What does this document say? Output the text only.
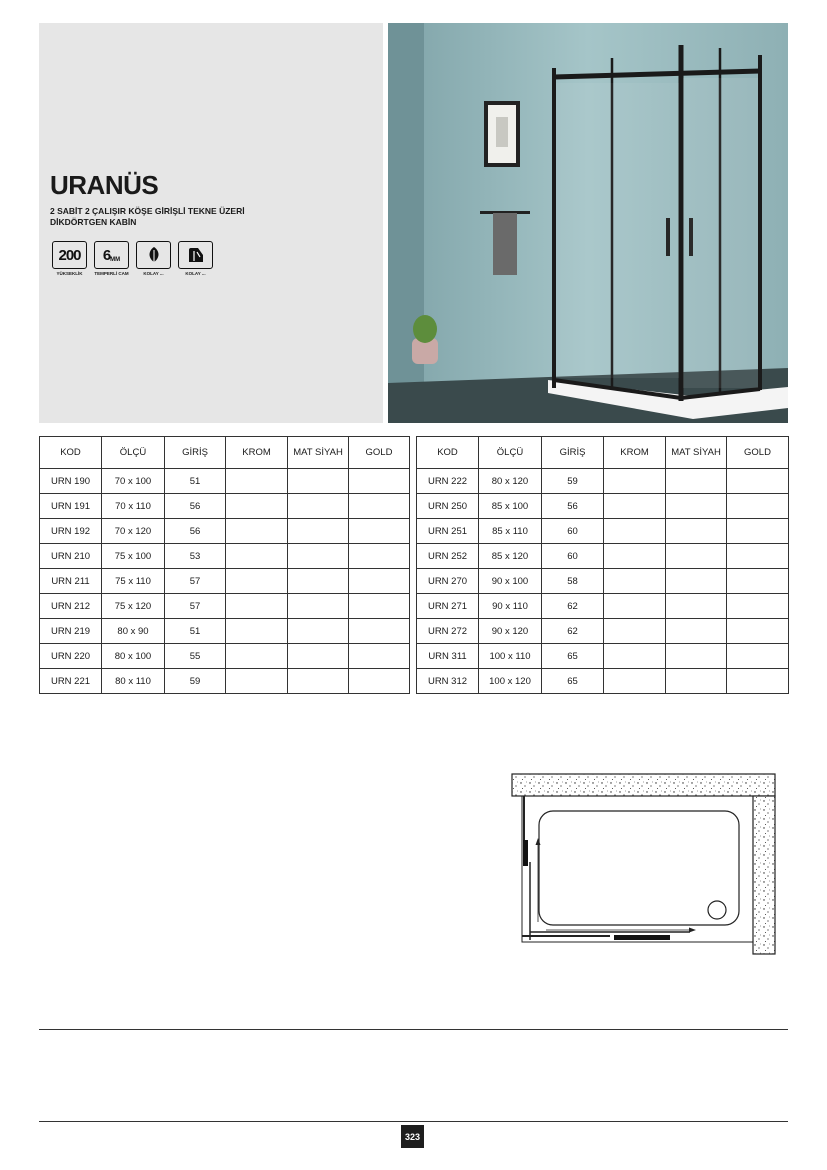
URANÜS
2 SABİT 2 ÇALIŞIR KÖŞE GİRİŞLİ TEKNE ÜZERİ DİKDÖRTGEN KABİN
200
YÜKSEKLİK
6 MM
TEMPERLİ CAM	KOLAY ...	KOLAY ...
KOD	ÖLÇÜ	GİRİŞ	KROM	MAT SİYAH	GOLD
URN 190	70 x 100	51			
URN 191	70 x 110	56			
URN 192	70 x 120	56			
URN 210	75 x 100	53			
URN 211	75 x 110	57			
URN 212	75 x 120	57			
URN 219	80 x 90	51			
URN 220	80 x 100	55			
URN 221	80 x 110	59			
KOD	ÖLÇÜ	GİRİŞ	KROM	MAT SİYAH	GOLD
URN 222	80 x 120	59			
URN 250	85 x 100	56			
URN 251	85 x 110	60			
URN 252	85 x 120	60			
URN 270	90 x 100	58			
URN 271	90 x 110	62			
URN 272	90 x 120	62			
URN 311	100 x 110	65			
URN 312	100 x 120	65			
323
